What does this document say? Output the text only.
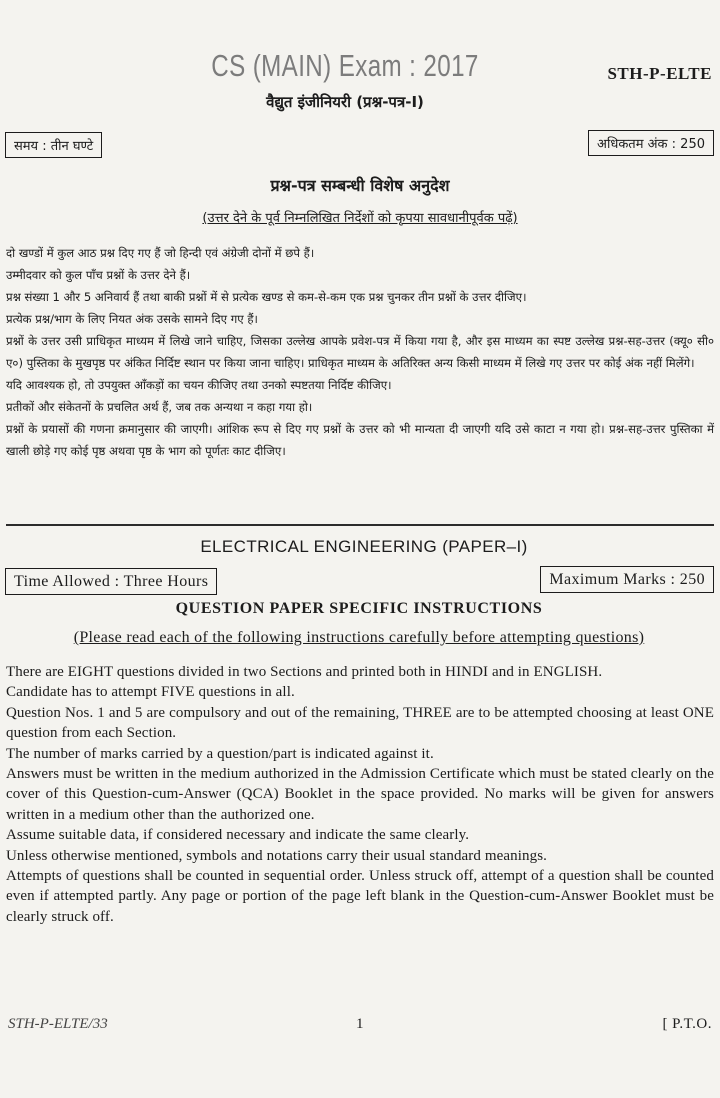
CS (MAIN) Exam : 2017	STH-P-ELTE
वैद्युत इंजीनियरी (प्रश्न-पत्र-I)
समय : तीन घण्टे	अधिकतम अंक : 250
प्रश्न-पत्र सम्बन्धी विशेष अनुदेश
(उत्तर देने के पूर्व निम्नलिखित निर्देशों को कृपया सावधानीपूर्वक पढ़ें)

दो खण्डों में कुल आठ प्रश्न दिए गए हैं जो हिन्दी एवं अंग्रेजी दोनों में छपे हैं।

उम्मीदवार को कुल पाँच प्रश्नों के उत्तर देने हैं।

प्रश्न संख्या 1 और 5 अनिवार्य हैं तथा बाकी प्रश्नों में से प्रत्येक खण्ड से कम-से-कम एक प्रश्न चुनकर तीन प्रश्नों के उत्तर दीजिए।

प्रत्येक प्रश्न/भाग के लिए नियत अंक उसके सामने दिए गए हैं।

प्रश्नों के उत्तर उसी प्राधिकृत माध्यम में लिखे जाने चाहिए, जिसका उल्लेख आपके प्रवेश-पत्र में किया गया है, और इस माध्यम का स्पष्ट उल्लेख प्रश्न-सह-उत्तर (क्यू० सी० ए०) पुस्तिका के मुखपृष्ठ पर अंकित निर्दिष्ट स्थान पर किया जाना चाहिए। प्राधिकृत माध्यम के अतिरिक्त अन्य किसी माध्यम में लिखे गए उत्तर पर कोई अंक नहीं मिलेंगे।

यदि आवश्यक हो, तो उपयुक्त आँकड़ों का चयन कीजिए तथा उनको स्पष्टतया निर्दिष्ट कीजिए।

प्रतीकों और संकेतनों के प्रचलित अर्थ हैं, जब तक अन्यथा न कहा गया हो।

प्रश्नों के प्रयासों की गणना क्रमानुसार की जाएगी। आंशिक रूप से दिए गए प्रश्नों के उत्तर को भी मान्यता दी जाएगी यदि उसे काटा न गया हो। प्रश्न-सह-उत्तर पुस्तिका में खाली छोड़े गए कोई पृष्ठ अथवा पृष्ठ के भाग को पूर्णतः काट दीजिए।

ELECTRICAL ENGINEERING (PAPER–I)
Time Allowed : Three Hours	Maximum Marks : 250
QUESTION PAPER SPECIFIC INSTRUCTIONS
(Please read each of the following instructions carefully before attempting questions)

There are EIGHT questions divided in two Sections and printed both in HINDI and in ENGLISH.

Candidate has to attempt FIVE questions in all.

Question Nos. 1 and 5 are compulsory and out of the remaining, THREE are to be attempted choosing at least ONE question from each Section.

The number of marks carried by a question/part is indicated against it.

Answers must be written in the medium authorized in the Admission Certificate which must be stated clearly on the cover of this Question-cum-Answer (QCA) Booklet in the space provided. No marks will be given for answers written in a medium other than the authorized one.

Assume suitable data, if considered necessary and indicate the same clearly.

Unless otherwise mentioned, symbols and notations carry their usual standard meanings.

Attempts of questions shall be counted in sequential order. Unless struck off, attempt of a question shall be counted even if attempted partly. Any page or portion of the page left blank in the Question-cum-Answer Booklet must be clearly struck off.

STH-P-ELTE/33	1	[ P.T.O.
